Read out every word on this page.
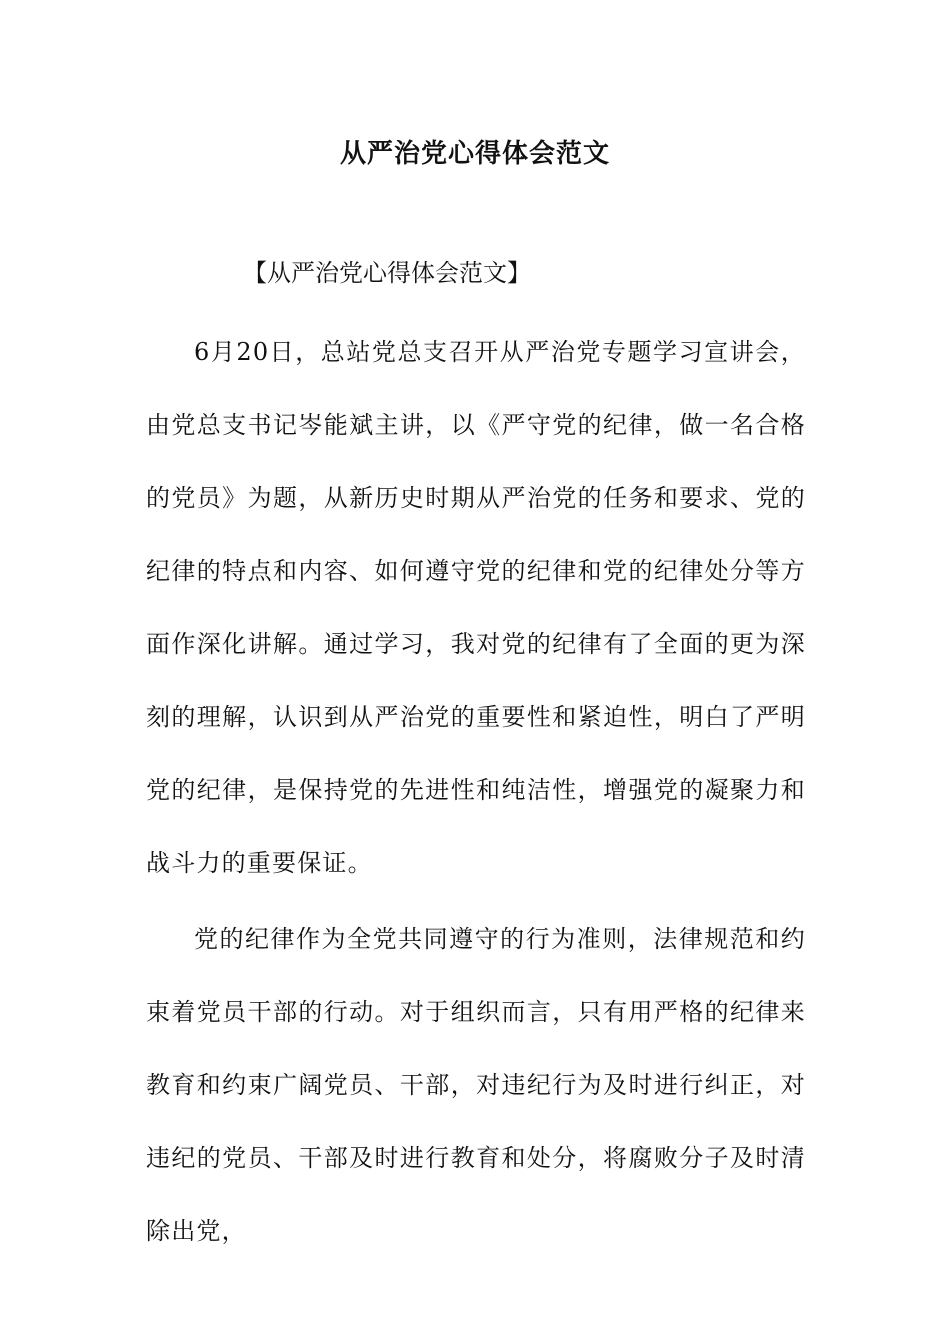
从严治党心得体会范文
【从严治党心得体会范文】

6月20日，总站党总支召开从严治党专题学习宣讲会，由党总支书记岑能斌主讲，以《严守党的纪律，做一名合格的党员》为题，从新历史时期从严治党的任务和要求、党的纪律的特点和内容、如何遵守党的纪律和党的纪律处分等方面作深化讲解。通过学习，我对党的纪律有了全面的更为深刻的理解，认识到从严治党的重要性和紧迫性，明白了严明党的纪律，是保持党的先进性和纯洁性，增强党的凝聚力和战斗力的重要保证。

党的纪律作为全党共同遵守的行为准则，法律规范和约束着党员干部的行动。对于组织而言，只有用严格的纪律来教育和约束广阔党员、干部，对违纪行为及时进行纠正，对违纪的党员、干部及时进行教育和处分，将腐败分子及时清除出党，
